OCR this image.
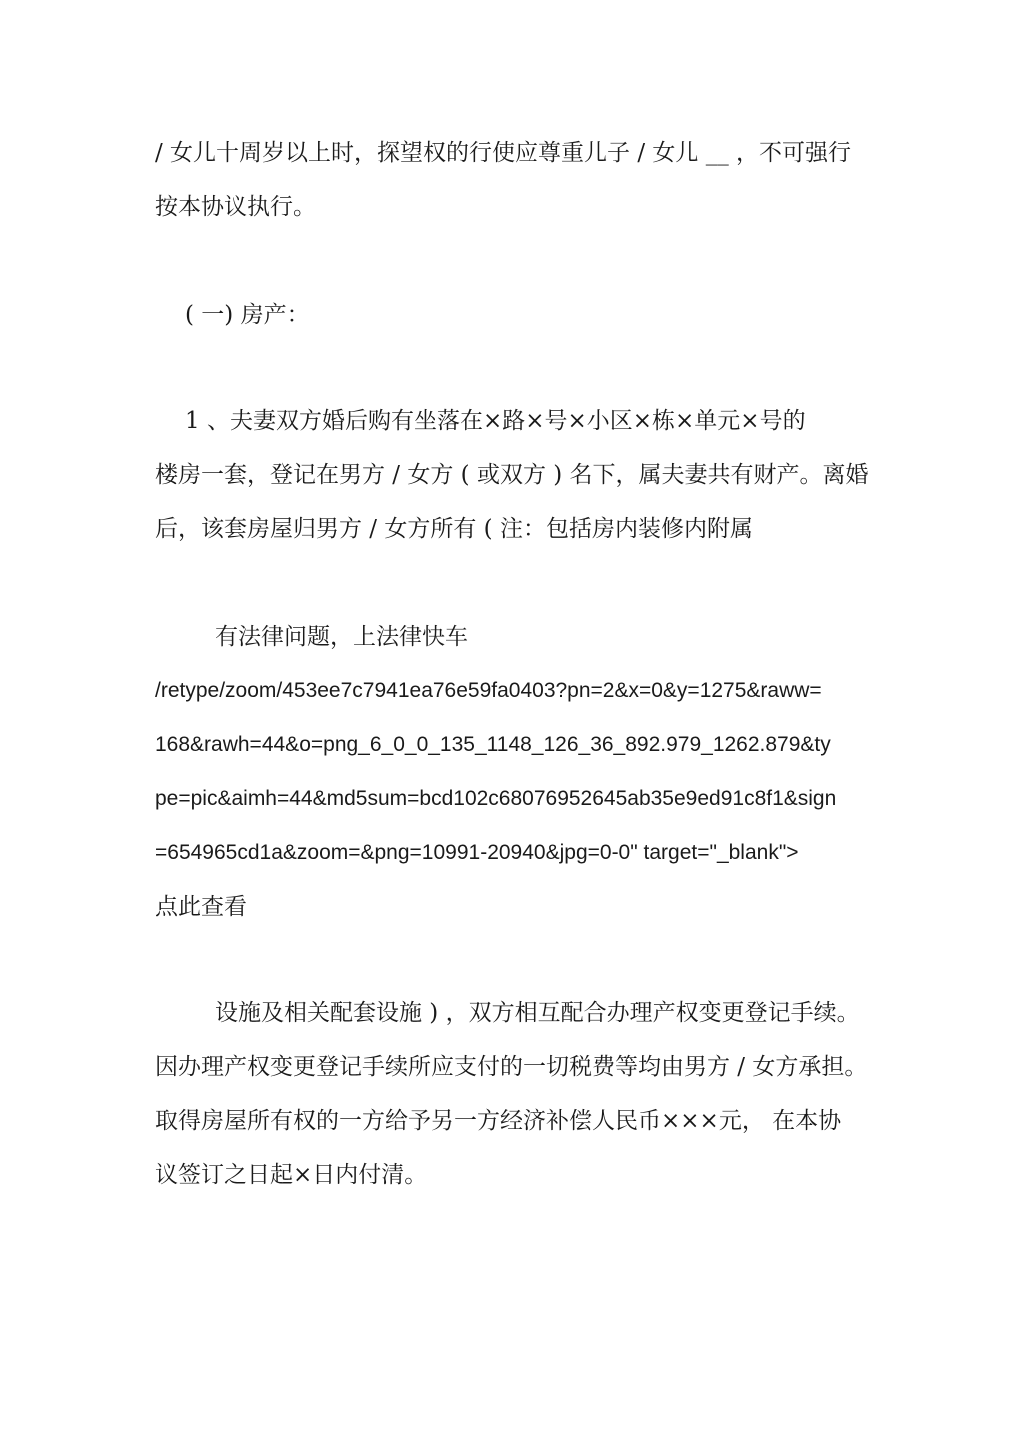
/ 女儿十周岁以上时，探望权的行使应尊重儿子 / 女儿 __ ，不可强行
按本协议执行。
( 一) 房产：
1 、夫妻双方婚后购有坐落在×路×号×小区×栋×单元×号的
楼房一套，登记在男方 / 女方 ( 或双方 ) 名下，属夫妻共有财产。离婚
后，该套房屋归男方 / 女方所有 ( 注：包括房内装修内附属
有法律问题，上法律快车
/retype/zoom/453ee7c7941ea76e59fa0403?pn=2&x=0&y=1275&raww=
168&rawh=44&o=png_6_0_0_135_1148_126_36_892.979_1262.879&ty
pe=pic&aimh=44&md5sum=bcd102c68076952645ab35e9ed91c8f1&sign
=654965cd1a&zoom=&png=10991-20940&jpg=0-0" target="_blank">
点此查看
设施及相关配套设施 ) ，双方相互配合办理产权变更登记手续。
因办理产权变更登记手续所应支付的一切税费等均由男方 / 女方承担。
取得房屋所有权的一方给予另一方经济补偿人民币×××元， 在本协
议签订之日起×日内付清。
